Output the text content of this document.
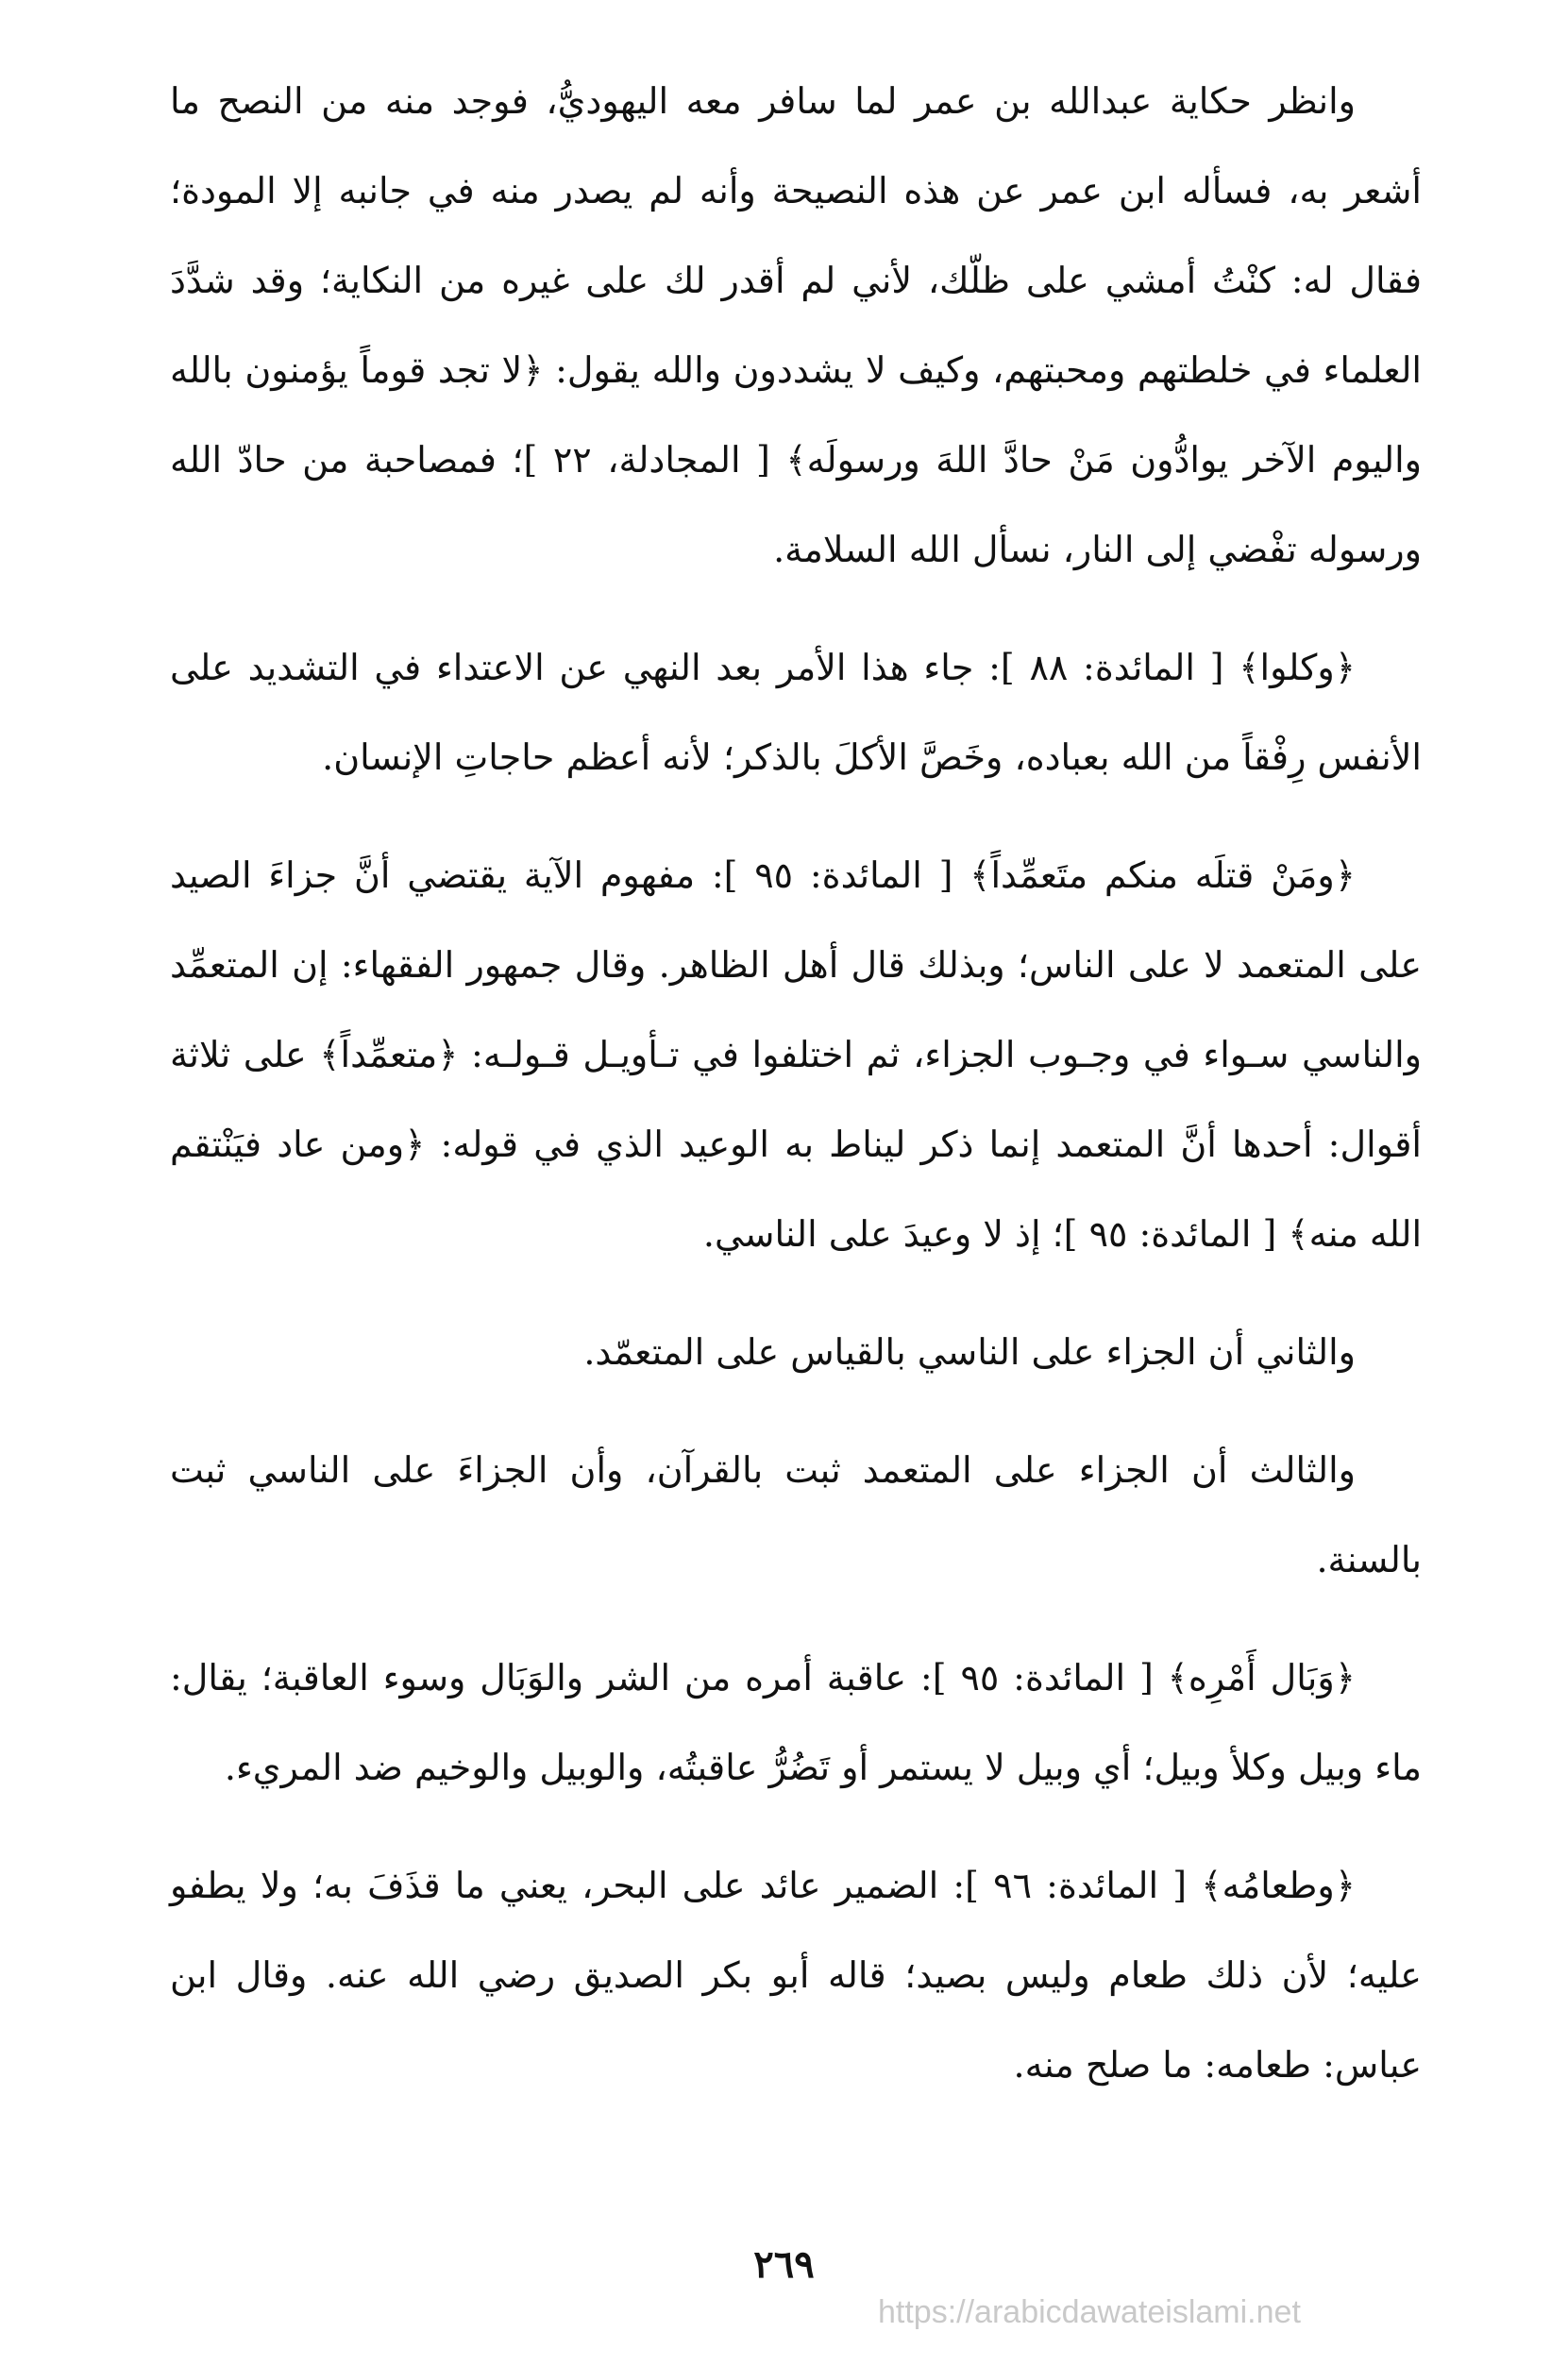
وانظر حكاية عبدالله بن عمر لما سافر معه اليهوديُّ، فوجد منه من النصح ما أشعر به، فسأله ابن عمر عن هذه النصيحة وأنه لم يصدر منه في جانبه إلا المودة؛ فقال له: كنْتُ أمشي على ظلّك، لأني لم أقدر لك على غيره من النكاية؛ وقد شدَّدَ العلماء في خلطتهم ومحبتهم، وكيف لا يشددون والله يقول: ﴿لا تجد قوماً يؤمنون بالله واليوم الآخر يوادُّون مَنْ حادَّ اللهَ ورسولَه﴾ [ المجادلة، ٢٢ ]؛ فمصاحبة من حادّ الله ورسوله تفْضي إلى النار، نسأل الله السلامة.

﴿وكلوا﴾ [ المائدة: ٨٨ ]: جاء هذا الأمر بعد النهي عن الاعتداء في التشديد على الأنفس رِفْقاً من الله بعباده، وخَصَّ الأكلَ بالذكر؛ لأنه أعظم حاجاتِ الإنسان.

﴿ومَنْ قتلَه منكم متَعمِّداً﴾ [ المائدة: ٩٥ ]: مفهوم الآية يقتضي أنَّ جزاءَ الصيد على المتعمد لا على الناس؛ وبذلك قال أهل الظاهر. وقال جمهور الفقهاء: إن المتعمِّد والناسي سـواء في وجـوب الجزاء، ثم اختلفوا في تـأويـل قـولـه: ﴿متعمِّداً﴾ على ثلاثة أقوال: أحدها أنَّ المتعمد إنما ذكر ليناط به الوعيد الذي في قوله: ﴿ومن عاد فيَنْتقم الله منه﴾ [ المائدة: ٩٥ ]؛ إذ لا وعيدَ على الناسي.

والثاني أن الجزاء على الناسي بالقياس على المتعمّد.

والثالث أن الجزاء على المتعمد ثبت بالقرآن، وأن الجزاءَ على الناسي ثبت بالسنة.

﴿وَبَال أَمْرِه﴾ [ المائدة: ٩٥ ]: عاقبة أمره من الشر والوَبَال وسوء العاقبة؛ يقال: ماء وبيل وكلأ وبيل؛ أي وبيل لا يستمر أو تَضُرُّ عاقبتُه، والوبيل والوخيم ضد المريء.

﴿وطعامُه﴾ [ المائدة: ٩٦ ]: الضمير عائد على البحر، يعني ما قذَفَ به؛ ولا يطفو عليه؛ لأن ذلك طعام وليس بصيد؛ قاله أبو بكر الصديق رضي الله عنه. وقال ابن عباس: طعامه: ما صلح منه.

٢٦٩
https://arabicdawateislami.net
